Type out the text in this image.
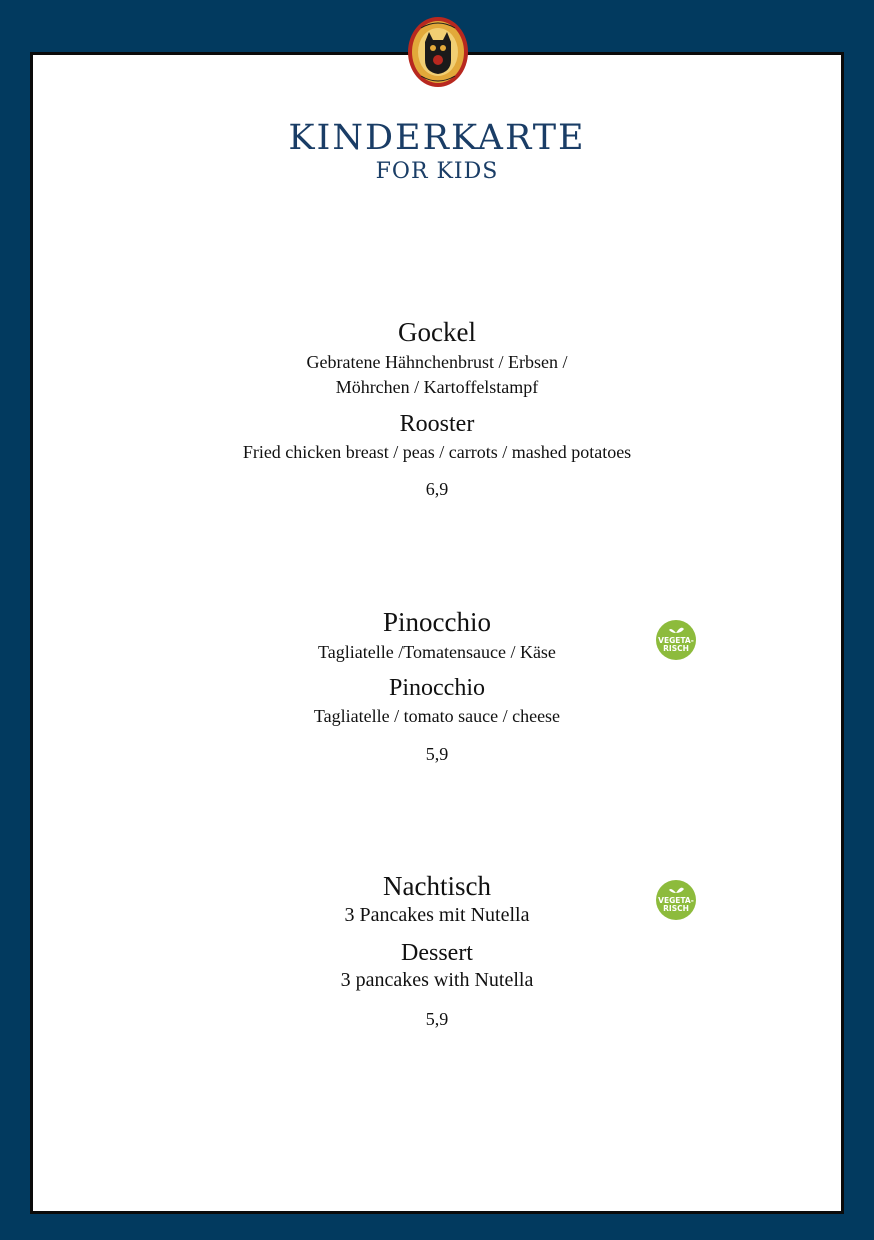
KINDERKARTE
FOR KIDS
Gockel
Gebratene Hähnchenbrust / Erbsen /
Möhrchen / Kartoffelstampf
Rooster
Fried chicken breast / peas / carrots / mashed potatoes
6,9
Pinocchio
Tagliatelle /Tomatensauce / Käse
Pinocchio
Tagliatelle / tomato sauce / cheese
5,9
Nachtisch
3 Pancakes mit Nutella
Dessert
3 pancakes with Nutella
5,9
VEGETA-
RISCH
VEGETA-
RISCH
